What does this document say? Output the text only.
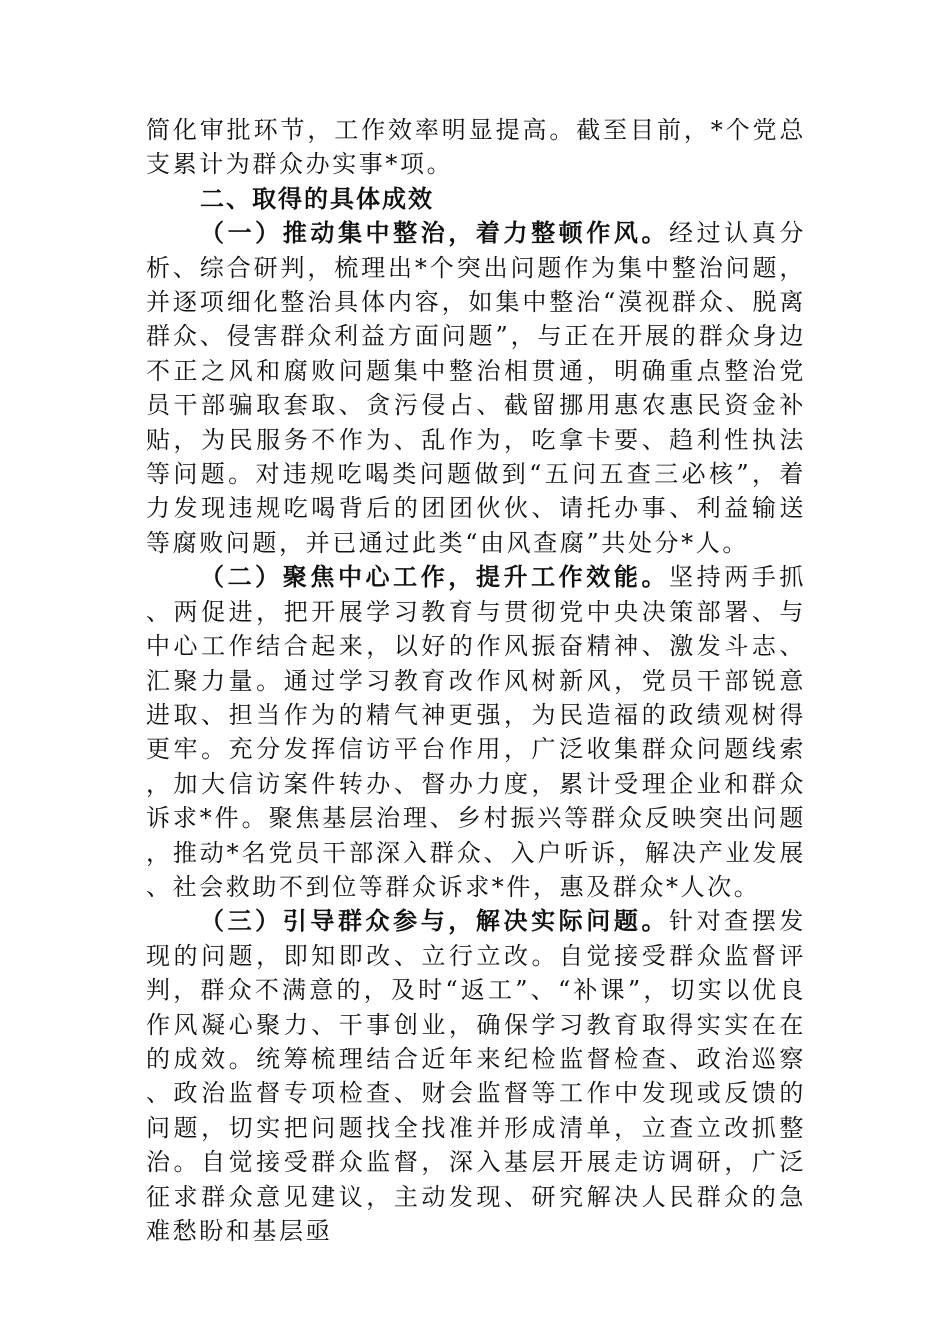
简化审批环节，工作效率明显提高。截至目前，*个党总支累计为群众办实事*项。

二、取得的具体成效

（一）推动集中整治，着力整顿作风。经过认真分析、综合研判，梳理出*个突出问题作为集中整治问题，并逐项细化整治具体内容，如集中整治“漠视群众、脱离群众、侵害群众利益方面问题”，与正在开展的群众身边不正之风和腐败问题集中整治相贯通，明确重点整治党员干部骗取套取、贪污侵占、截留挪用惠农惠民资金补贴，为民服务不作为、乱作为，吃拿卡要、趋利性执法等问题。对违规吃喝类问题做到“五问五查三必核”，着力发现违规吃喝背后的团团伙伙、请托办事、利益输送等腐败问题，并已通过此类“由风查腐”共处分*人。

（二）聚焦中心工作，提升工作效能。坚持两手抓、两促进，把开展学习教育与贯彻党中央决策部署、与中心工作结合起来，以好的作风振奋精神、激发斗志、汇聚力量。通过学习教育改作风树新风，党员干部锐意进取、担当作为的精气神更强，为民造福的政绩观树得更牢。充分发挥信访平台作用，广泛收集群众问题线索，加大信访案件转办、督办力度，累计受理企业和群众诉求*件。聚焦基层治理、乡村振兴等群众反映突出问题，推动*名党员干部深入群众、入户听诉，解决产业发展、社会救助不到位等群众诉求*件，惠及群众*人次。

（三）引导群众参与，解决实际问题。针对查摆发现的问题，即知即改、立行立改。自觉接受群众监督评判，群众不满意的，及时“返工”、“补课”，切实以优良作风凝心聚力、干事创业，确保学习教育取得实实在在的成效。统筹梳理结合近年来纪检监督检查、政治巡察、政治监督专项检查、财会监督等工作中发现或反馈的问题，切实把问题找全找准并形成清单，立查立改抓整治。自觉接受群众监督，深入基层开展走访调研，广泛征求群众意见建议，主动发现、研究解决人民群众的急难愁盼和基层亟
